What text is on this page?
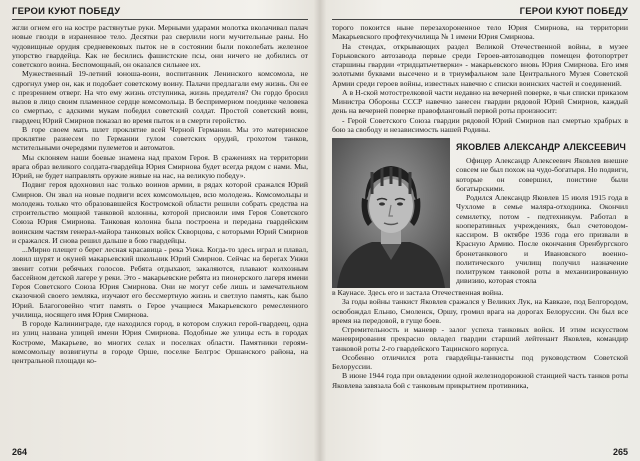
ГЕРОИ КУЮТ ПОБЕДУ

жгли огнем его на костре растянутые руки. Мерными ударами молотка вколачивал палач новые гвозди в израненное тело. Десятки раз сверлили ноги мучительные раны. Но чудовищные орудия средневековых пыток не в состоянии были поколебать железное упорство гвардейца. Как не бесились фашистские псы, они ничего не добились от советского воина. Беспомощный, он оказался сильнее их.

Мужественный 19-летний юноша-воин, воспитанник Ленинского комсомола, не сдрогнул умер он, как и подобает советскому воину. Палачи предлагали ему жизнь. Он ее с презрением отверг. На что ему жизнь отступника, жизнь предателя? Он гордо бросил вызов в лицо своим пламенное сердце комсомольца. В беспримерном поединке человека со смертью, с адскими мукам победил советский солдат. Простой советский воин, гвардеец Юрий Смирнов показал во время пыток и в смерти геройство.

В горе своем мать шлет проклятие всей Черной Германии. Мы это материнское проклятие разнесем по Германии гулом советских орудий, грохотом танков, мстительными очередями пулеметов и автоматов.

Мы склоняем наши боевые знамена над прахом Героя. В сражениях на территории врага образ великого солдата-гвардейца Юрия Смирнова будет всегда рядом с нами. Мы, Юрий, не будет направлять оружие живые на нас, на великую победу».

Подвиг героя вдохновил нас только воинов армии, в рядах которой сражался Юрий Смирнов. Он звал на новые подвиги всех комсомольцев, всю молодежь. Комсомольцы и молодежь только что образовавшейся Костромской области решили собрать средства на строительство мощной танковой колонны, которой присвоили имя Героя Советского Союза Юрия Смирнова. Танковая колонна была построена и передана гвардейским воинским частям генерал-майора танковых войск Скворцова, с которыми Юрий Смирнов и сражался. И снова решил дальше в бою гвардейцы.

...Мирно плещет о берег лесная красавица - река Унжа. Когда-то здесь играл и плавал, ловил шурят и окуней макарьевский школьник Юрий Смирнов. Сейчас на берегах Унжи звенит сотни ребячьих голосов. Ребята отдыхают, закаляются, плавают колхозным бассейном детской лагере у реки. Это - макарьевские ребята из пионерского лагеря имени Героя Советского Союза Юрия Смирнова. Они не могут себе лишь и замечательном сказочной своего земляка, изучают его бессмертную жизнь и светлую память, как было Юрий. Благоговейно чтит память о Герое учащиеся Макарьевского ремесленного училища, носящего имя Юрия Смирнова.

В городе Калининграде, где находился город, в котором служил герой-гвардеец, одна из улиц названа улицей имени Юрия Смирнова. Подобные же улицы есть в городах Костроме, Макарьеве, во многих селах и поселках области. Памятники героям-комсомольцу возвигнуты в городе Орше, поселке Белгрэс Оршанского района, на центральной площади ко-

264
ГЕРОИ КУЮТ ПОБЕДУ

торого покоится ныне перезахороненное тело Юрия Смирнова, на территории Макарьевского профтехучилища № 1 имени Юрия Смирнова.

На стендах, открывающих раздел Великой Отечественной войны, в музее Горьковского автозавода первые среди Героев-автозаводцев помещен фотопортрет старшины гвардии «тридцатьчетверки» - макарьевского вновь Юрия Смирнова. Его имя золотыми буквами высечено и в триумфальном зале Центрального Музея Советской Армии среди героев войны, известных навечно с списки воинских частей и соединений.

А в Н-ской мотострелковой части недавно на вечерней поверке, в чьи списки приказом Министра Обороны СССР навечно занесен гвардии рядовой Юрий Смирнов, каждый день на вечерней поверке правофланговый первой роты произносит:

- Герой Советского Союза гвардии рядовой Юрий Смирнов пал смертью храбрых в бою за свободу и независимость нашей Родины.

ЯКОВЛЕВ АЛЕКСАНДР АЛЕКСЕЕВИЧ

Офицер Александр Алексеевич Яковлев внешне совсем не был похож на чудо-богатыря. Но подвиги, которые он совершил, поистине были богатырскими.

Родился Александр Яковлев 15 июля 1915 года в Чухломе в семье маляра-отходника. Окончил семилетку, потом - педтехникум. Работал в кооперативных учреждениях, был счетоводом-кассиром. В октябре 1936 года его призвали в Красную Армию. После окончания Оренбургского бронетанкового и Ивановского военно-политического училищ получил назначение политруком танковой роты в механизированную дивизию, которая стояла

в Каунасе. Здесь его и застала Отечественная война.

За годы войны танкист Яковлев сражался у Великих Лук, на Кавказе, под Белгородом, освобождал Ельню, Смоленск, Оршу, громил врага на дорогах Белоруссии. Он был все время на передовой, в гуще боев.

Стремительность и маневр - залог успеха танковых войск. И этим искусством маневрирования прекрасно овладел гвардии старший лейтенант Яковлев, командир танковой роты 2-го гвардейского Тацинского корпуса.

Особенно отличился рота гвардейцы-танкисты под руководством Советской Белоруссии.

В июне 1944 года при овладении одной железнодорожной станцией часть танков роты Яковлева завязала бой с танковым прикрытием противника,

265
